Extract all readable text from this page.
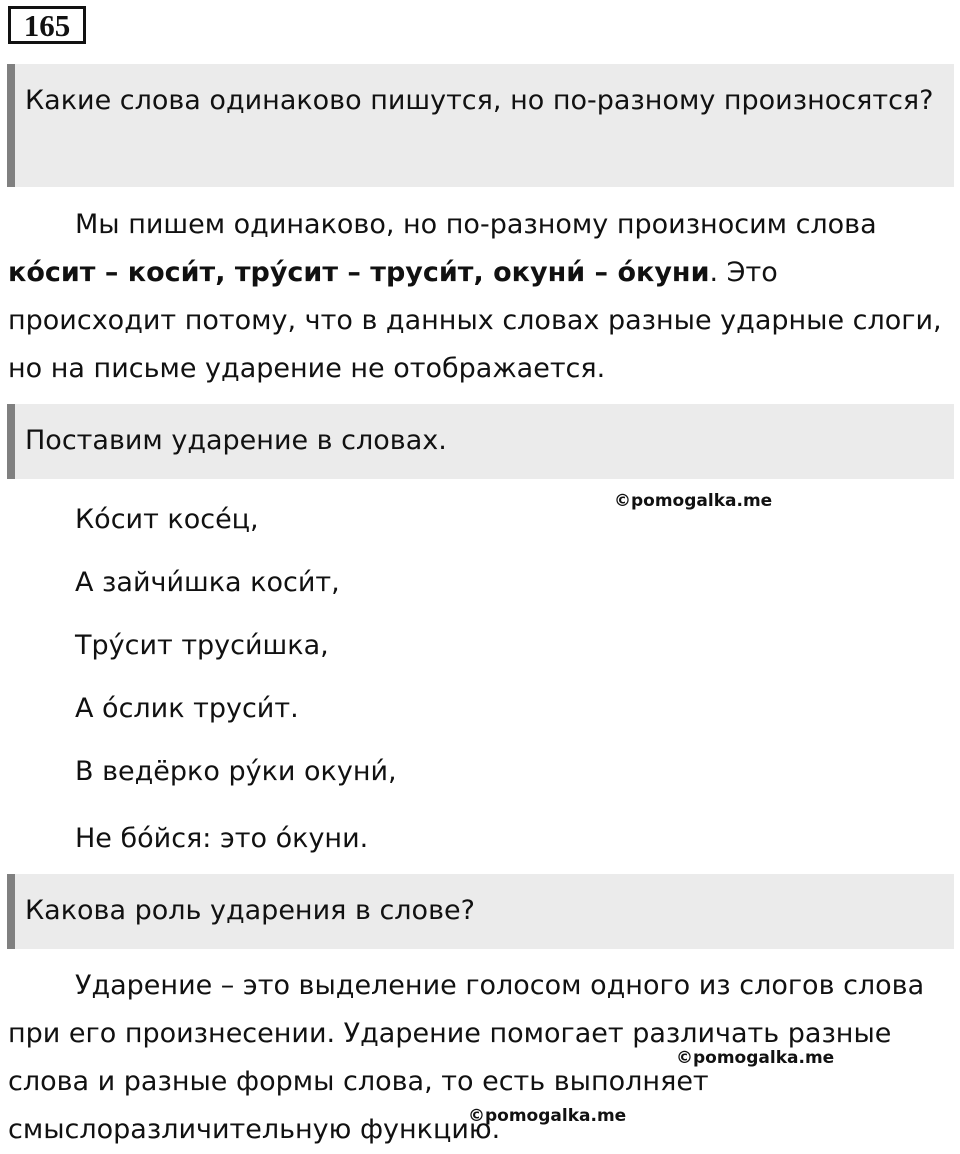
165
Какие слова одинаково пишутся, но по-разному произносятся?
Мы пишем одинаково, но по-разному произносим слова ко́сит – коси́т, тру́сит – труси́т, окуни́ – о́куни. Это происходит потому, что в данных словах разные ударные слоги, но на письме ударение не отображается.
Поставим ударение в словах.
Ко́сит косе́ц,
А зайчи́шка коси́т,
Тру́сит труси́шка,
А о́слик труси́т.
В ведёрко ру́ки окуни́,
Не бо́йся: это о́куни.
Какова роль ударения в слове?
Ударение – это выделение голосом одного из слогов слова при его произнесении. Ударение помогает различать разные слова и разные формы слова, то есть выполняет смыслоразличительную функцию.
©pomogalka.me
©pomogalka.me
©pomogalka.me
